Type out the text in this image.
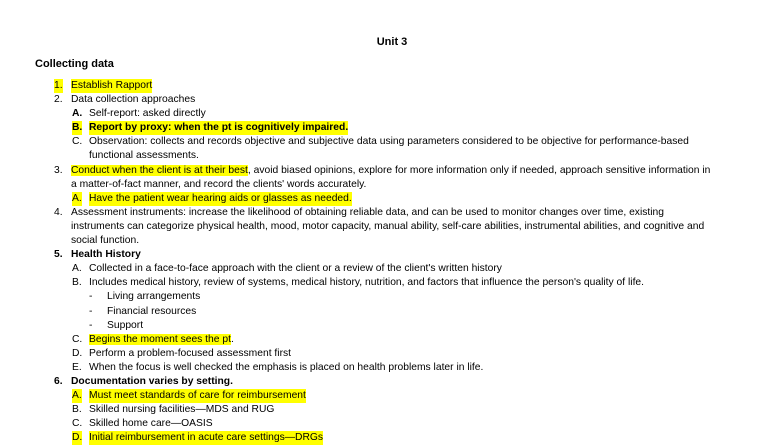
Unit 3
Collecting data
1. Establish Rapport
2. Data collection approaches
A. Self-report: asked directly
B. Report by proxy: when the pt is cognitively impaired.
C. Observation: collects and records objective and subjective data using parameters considered to be objective for performance-based
functional assessments.
3. Conduct when the client is at their best, avoid biased opinions, explore for more information only if needed, approach sensitive information in
a matter-of-fact manner, and record the clients' words accurately.
A. Have the patient wear hearing aids or glasses as needed.
4. Assessment instruments: increase the likelihood of obtaining reliable data, and can be used to monitor changes over time, existing
instruments can categorize physical health, mood, motor capacity, manual ability, self-care abilities, instrumental abilities, and cognitive and
social function.
5. Health History
A. Collected in a face-to-face approach with the client or a review of the client's written history
B. Includes medical history, review of systems, medical history, nutrition, and factors that influence the person's quality of life.
- Living arrangements
- Financial resources
- Support
C. Begins the moment sees the pt.
D. Perform a problem-focused assessment first
E. When the focus is well checked the emphasis is placed on health problems later in life.
6. Documentation varies by setting.
A. Must meet standards of care for reimbursement
B. Skilled nursing facilities—MDS and RUG
C. Skilled home care—OASIS
D. Initial reimbursement in acute care settings—DRGs
